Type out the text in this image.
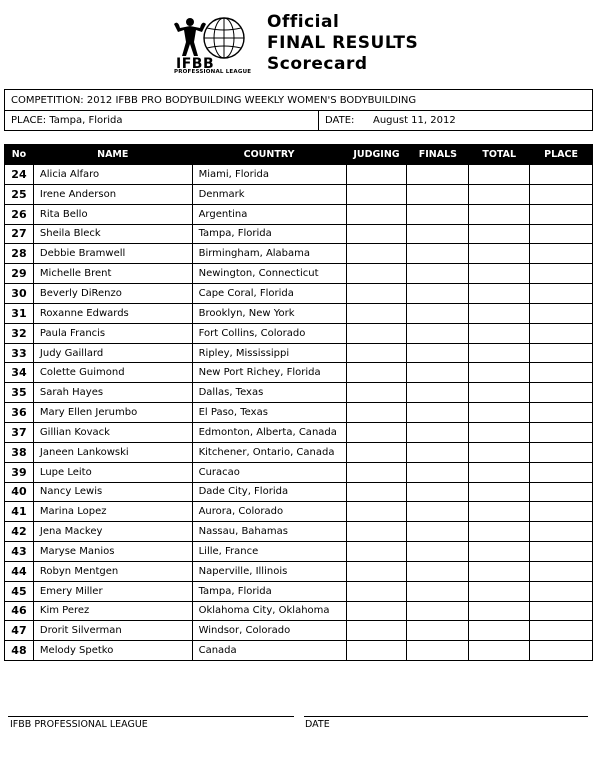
IFBB
PROFESSIONAL LEAGUE
Official
FINAL RESULTS
Scorecard
COMPETITION: 2012 IFBB PRO BODYBUILDING WEEKLY WOMEN'S BODYBUILDING
PLACE: Tampa, Florida	DATE:	August 11, 2012
No	NAME	COUNTRY	JUDGING	FINALS	TOTAL	PLACE
24	Alicia Alfaro	Miami, Florida				
25	Irene Anderson	Denmark				
26	Rita Bello	Argentina				
27	Sheila Bleck	Tampa, Florida				
28	Debbie Bramwell	Birmingham, Alabama				
29	Michelle Brent	Newington, Connecticut				
30	Beverly DiRenzo	Cape Coral, Florida				
31	Roxanne Edwards	Brooklyn, New York				
32	Paula Francis	Fort Collins, Colorado				
33	Judy Gaillard	Ripley, Mississippi				
34	Colette Guimond	New Port Richey, Florida				
35	Sarah Hayes	Dallas, Texas				
36	Mary Ellen Jerumbo	El Paso, Texas				
37	Gillian Kovack	Edmonton, Alberta, Canada				
38	Janeen Lankowski	Kitchener, Ontario, Canada				
39	Lupe Leito	Curacao				
40	Nancy Lewis	Dade City, Florida				
41	Marina Lopez	Aurora, Colorado				
42	Jena Mackey	Nassau, Bahamas				
43	Maryse Manios	Lille, France				
44	Robyn Mentgen	Naperville, Illinois				
45	Emery Miller	Tampa, Florida				
46	Kim Perez	Oklahoma City, Oklahoma				
47	Drorit Silverman	Windsor, Colorado				
48	Melody Spetko	Canada				
IFBB PROFESSIONAL LEAGUE	DATE
